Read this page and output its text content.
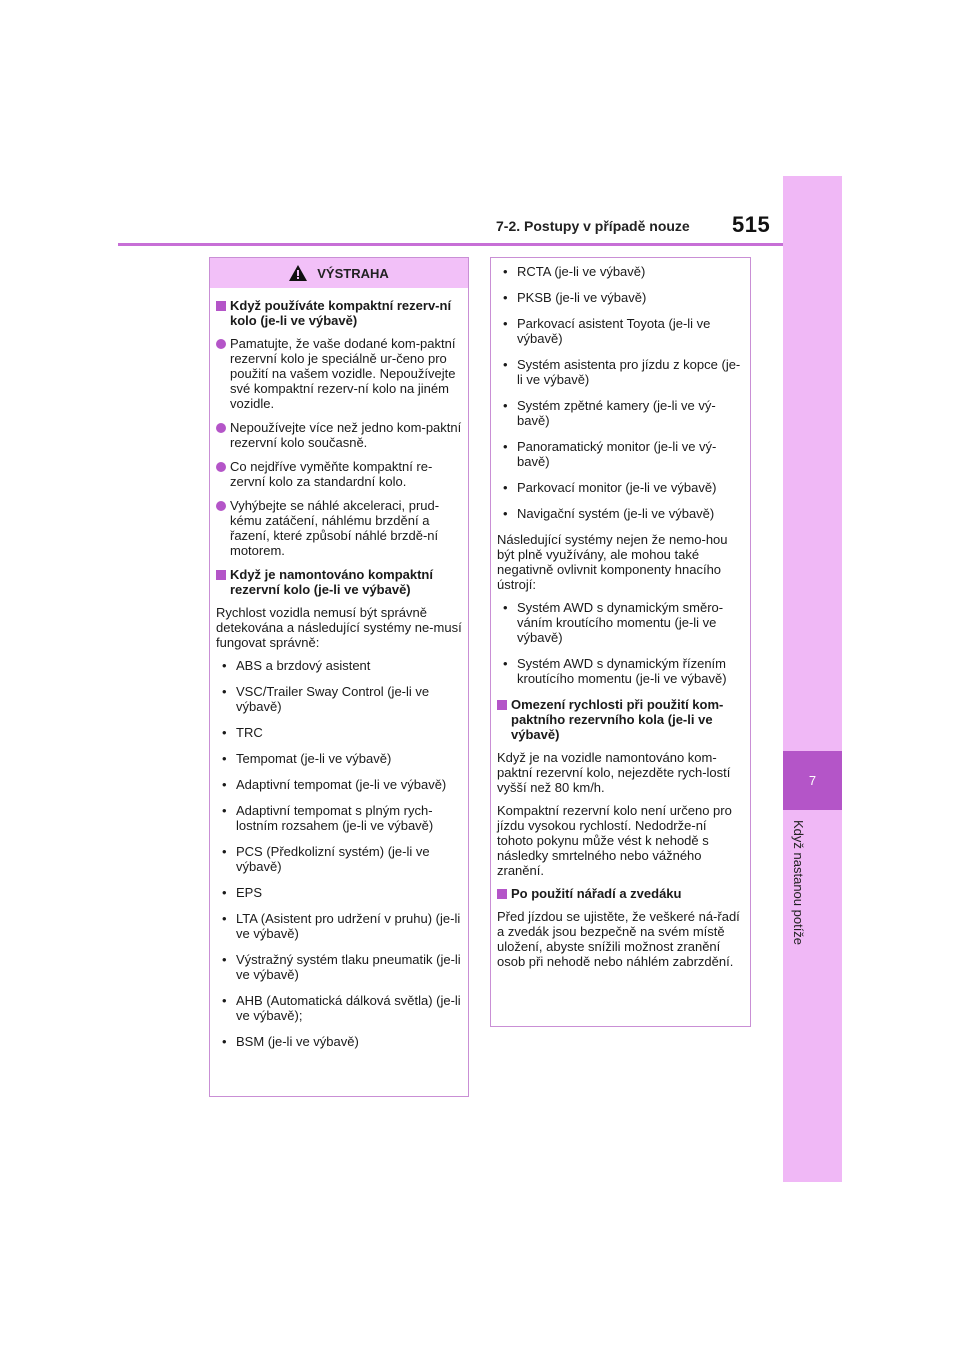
7-2. Postupy v případě nouze 515
7
Když nastanou potíže
VÝSTRAHA
Když používáte kompaktní rezerv-ní kolo (je-li ve výbavě)
Pamatujte, že vaše dodané kom-paktní rezervní kolo je speciálně ur-čeno pro použití na vašem vozidle. Nepoužívejte své kompaktní rezerv-ní kolo na jiném vozidle.
Nepoužívejte více než jedno kom-paktní rezervní kolo současně.
Co nejdříve vyměňte kompaktní re-zervní kolo za standardní kolo.
Vyhýbejte se náhlé akceleraci, prud-kému zatáčení, náhlému brzdění a řazení, které způsobí náhlé brzdě-ní motorem.
Když je namontováno kompaktní rezervní kolo (je-li ve výbavě)
Rychlost vozidla nemusí být správně detekována a následující systémy ne-musí fungovat správně:
• ABS a brzdový asistent
• VSC/Trailer Sway Control (je-li ve výbavě)
• TRC
• Tempomat (je-li ve výbavě)
• Adaptivní tempomat (je-li ve výbavě)
• Adaptivní tempomat s plným rych-lostním rozsahem (je-li ve výbavě)
• PCS (Předkolizní systém) (je-li ve výbavě)
• EPS
• LTA (Asistent pro udržení v pruhu) (je-li ve výbavě)
• Výstražný systém tlaku pneumatik (je-li ve výbavě)
• AHB (Automatická dálková světla) (je-li ve výbavě);
• BSM (je-li ve výbavě)
• RCTA (je-li ve výbavě)
• PKSB (je-li ve výbavě)
• Parkovací asistent Toyota (je-li ve výbavě)
• Systém asistenta pro jízdu z kopce (je-li ve výbavě)
• Systém zpětné kamery (je-li ve vý-bavě)
• Panoramatický monitor (je-li ve vý-bavě)
• Parkovací monitor (je-li ve výbavě)
• Navigační systém (je-li ve výbavě)
Následující systémy nejen že nemo-hou být plně využívány, ale mohou také negativně ovlivnit komponenty hnacího ústrojí:
• Systém AWD s dynamickým směro-váním kroutícího momentu (je-li ve výbavě)
• Systém AWD s dynamickým řízením kroutícího momentu (je-li ve výbavě)
Omezení rychlosti při použití kom-paktního rezervního kola (je-li ve výbavě)
Když je na vozidle namontováno kom-paktní rezervní kolo, nejezděte rych-lostí vyšší než 80 km/h.
Kompaktní rezervní kolo není určeno pro jízdu vysokou rychlostí. Nedodrže-ní tohoto pokynu může vést k nehodě s následky smrtelného nebo vážného zranění.
Po použití nářadí a zvedáku
Před jízdou se ujistěte, že veškeré ná-řadí a zvedák jsou bezpečně na svém místě uložení, abyste snížili možnost zranění osob při nehodě nebo náhlém zabrzdění.
